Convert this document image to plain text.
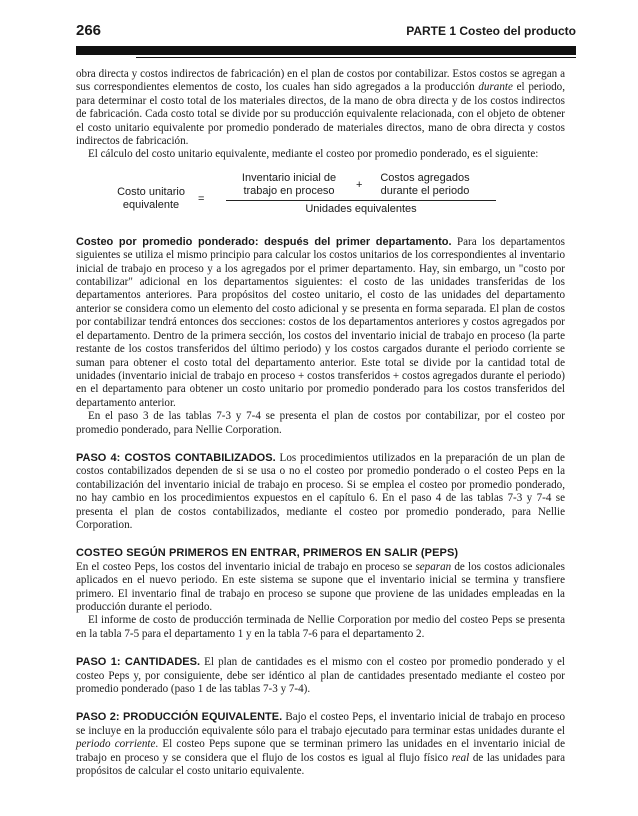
266	PARTE 1 Costeo del producto

obra directa y costos indirectos de fabricación) en el plan de costos por contabilizar. Estos costos se agregan a sus correspondientes elementos de costo, los cuales han sido agregados a la producción durante el periodo, para determinar el costo total de los materiales directos, de la mano de obra directa y de los costos indirectos de fabricación. Cada costo total se divide por su producción equivalente relacionada, con el objeto de obtener el costo unitario equivalente por promedio ponderado de materiales directos, mano de obra directa y costos indirectos de fabricación.

El cálculo del costo unitario equivalente, mediante el costeo por promedio ponderado, es el siguiente:

Costo unitario equivalente	=
Inventario inicial de trabajo en proceso	+
Costos agregados durante el periodo
Unidades equivalentes

Costeo por promedio ponderado: después del primer departamento. Para los departamentos siguientes se utiliza el mismo principio para calcular los costos unitarios de los correspondientes al inventario inicial de trabajo en proceso y a los agregados por el primer departamento. Hay, sin embargo, un "costo por contabilizar" adicional en los departamentos siguientes: el costo de las unidades transferidas de los departamentos anteriores. Para propósitos del costeo unitario, el costo de las unidades del departamento anterior se considera como un elemento del costo adicional y se presenta en forma separada. El plan de costos por contabilizar tendrá entonces dos secciones: costos de los departamentos anteriores y costos agregados por el departamento. Dentro de la primera sección, los costos del inventario inicial de trabajo en proceso (la parte restante de los costos transferidos del último periodo) y los costos cargados durante el periodo corriente se suman para obtener el costo total del departamento anterior. Este total se divide por la cantidad total de unidades (inventario inicial de trabajo en proceso + costos transferidos + costos agregados durante el periodo) en el departamento para obtener un costo unitario por promedio ponderado para los costos transferidos del departamento anterior.

En el paso 3 de las tablas 7-3 y 7-4 se presenta el plan de costos por contabilizar, por el costeo por promedio ponderado, para Nellie Corporation.

PASO 4: COSTOS CONTABILIZADOS. Los procedimientos utilizados en la preparación de un plan de costos contabilizados dependen de si se usa o no el costeo por promedio ponderado o el costeo Peps en la contabilización del inventario inicial de trabajo en proceso. Si se emplea el costeo por promedio ponderado, no hay cambio en los procedimientos expuestos en el capítulo 6. En el paso 4 de las tablas 7-3 y 7-4 se presenta el plan de costos contabilizados, mediante el costeo por promedio ponderado, para Nellie Corporation.

COSTEO SEGÚN PRIMEROS EN ENTRAR, PRIMEROS EN SALIR (PEPS)

En el costeo Peps, los costos del inventario inicial de trabajo en proceso se separan de los costos adicionales aplicados en el nuevo periodo. En este sistema se supone que el inventario inicial se termina y transfiere primero. El inventario final de trabajo en proceso se supone que proviene de las unidades empleadas en la producción durante el periodo.

El informe de costo de producción terminada de Nellie Corporation por medio del costeo Peps se presenta en la tabla 7-5 para el departamento 1 y en la tabla 7-6 para el departamento 2.

PASO 1: CANTIDADES. El plan de cantidades es el mismo con el costeo por promedio ponderado y el costeo Peps y, por consiguiente, debe ser idéntico al plan de cantidades presentado mediante el costeo por promedio ponderado (paso 1 de las tablas 7-3 y 7-4).

PASO 2: PRODUCCIÓN EQUIVALENTE. Bajo el costeo Peps, el inventario inicial de trabajo en proceso se incluye en la producción equivalente sólo para el trabajo ejecutado para terminar estas unidades durante el periodo corriente. El costeo Peps supone que se terminan primero las unidades en el inventario inicial de trabajo en proceso y se considera que el flujo de los costos es igual al flujo físico real de las unidades para propósitos de calcular el costo unitario equivalente.
